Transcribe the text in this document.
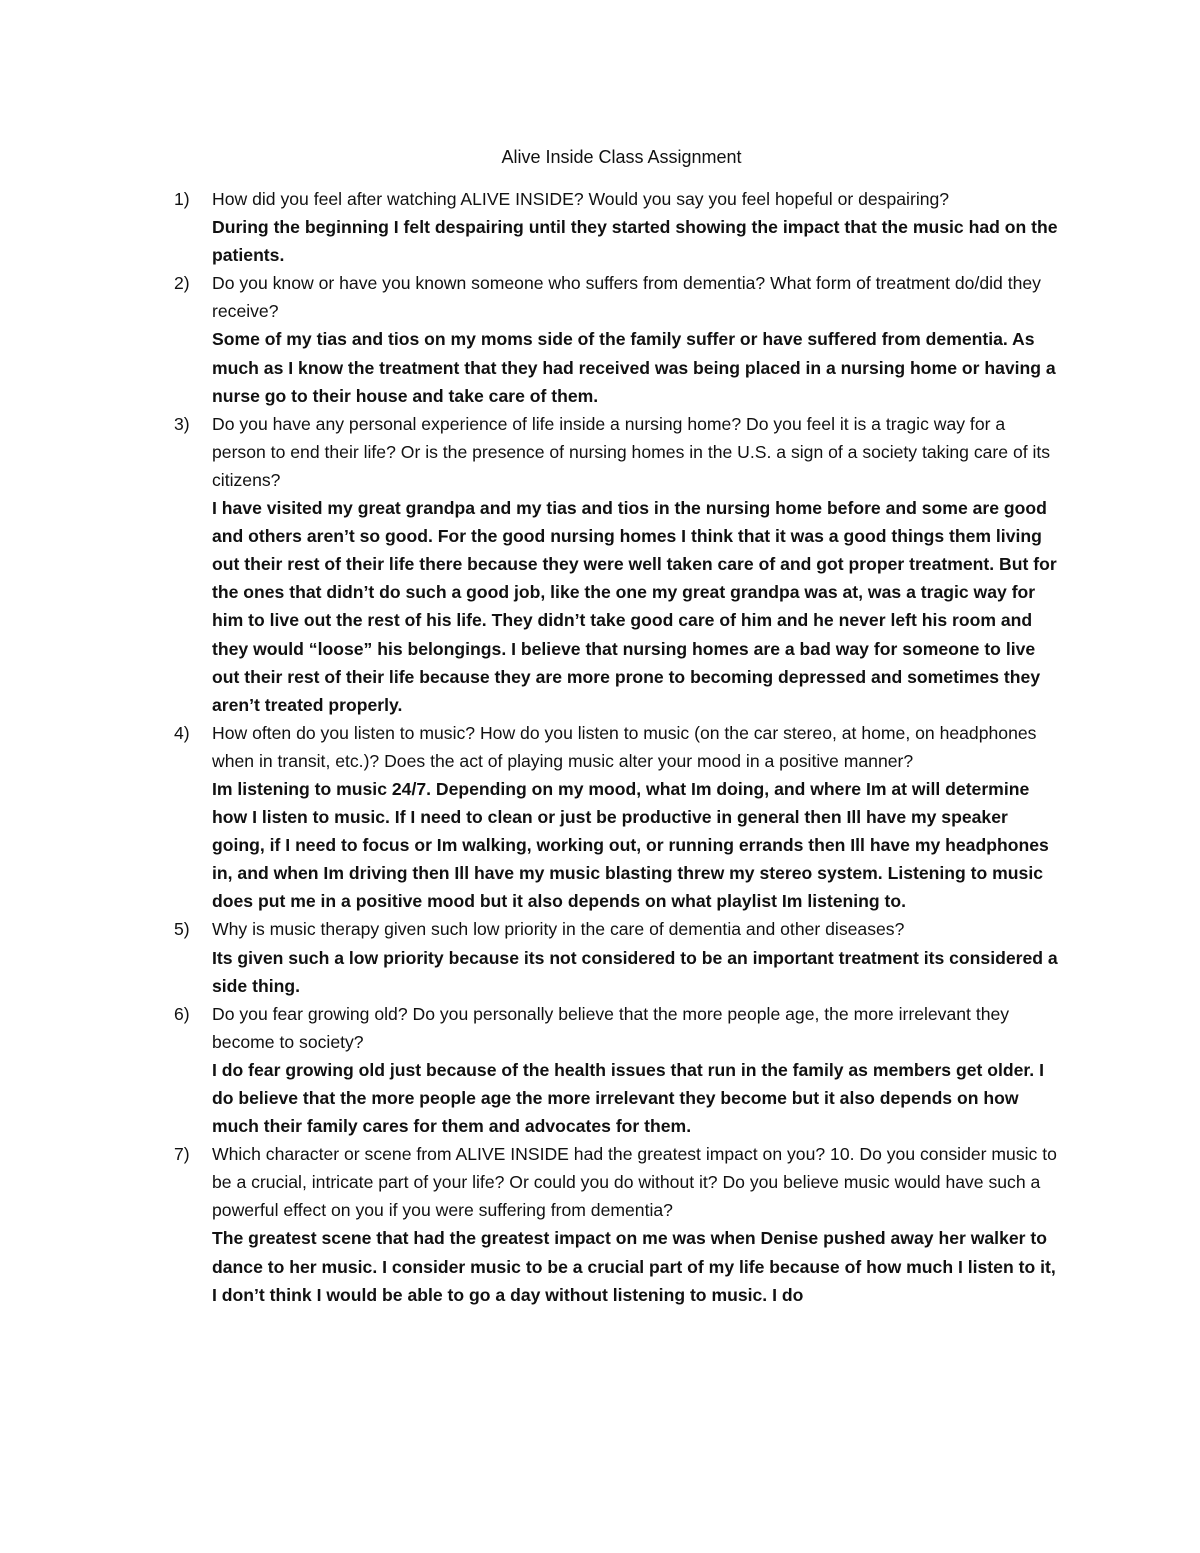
Alive Inside Class Assignment
1) How did you feel after watching ALIVE INSIDE? Would you say you feel hopeful or despairing?
During the beginning I felt despairing until they started showing the impact that the music had on the patients.
2) Do you know or have you known someone who suffers from dementia? What form of treatment do/did they receive?
Some of my tias and tios on my moms side of the family suffer or have suffered from dementia. As much as I know the treatment that they had received was being placed in a nursing home or having a nurse go to their house and take care of them.
3) Do you have any personal experience of life inside a nursing home? Do you feel it is a tragic way for a person to end their life? Or is the presence of nursing homes in the U.S. a sign of a society taking care of its citizens?
I have visited my great grandpa and my tias and tios in the nursing home before and some are good and others aren’t so good. For the good nursing homes I think that it was a good things them living out their rest of their life there because they were well taken care of and got proper treatment. But for the ones that didn’t do such a good job, like the one my great grandpa was at, was a tragic way for him to live out the rest of his life. They didn’t take good care of him and he never left his room and they would “loose” his belongings. I believe that nursing homes are a bad way for someone to live out their rest of their life because they are more prone to becoming depressed and sometimes they aren’t treated properly.
4) How often do you listen to music? How do you listen to music (on the car stereo, at home, on headphones when in transit, etc.)? Does the act of playing music alter your mood in a positive manner?
Im listening to music 24/7. Depending on my mood, what Im doing, and where Im at will determine how I listen to music. If I need to clean or just be productive in general then Ill have my speaker going, if I need to focus or Im walking, working out, or running errands then Ill have my headphones in, and when Im driving then Ill have my music blasting threw my stereo system. Listening to music does put me in a positive mood but it also depends on what playlist Im listening to.
5) Why is music therapy given such low priority in the care of dementia and other diseases?
Its given such a low priority because its not considered to be an important treatment its considered a side thing.
6) Do you fear growing old? Do you personally believe that the more people age, the more irrelevant they become to society?
I do fear growing old just because of the health issues that run in the family as members get older. I do believe that the more people age the more irrelevant they become but it also depends on how much their family cares for them and advocates for them.
7) Which character or scene from ALIVE INSIDE had the greatest impact on you? 10. Do you consider music to be a crucial, intricate part of your life? Or could you do without it? Do you believe music would have such a powerful effect on you if you were suffering from dementia?
The greatest scene that had the greatest impact on me was when Denise pushed away her walker to dance to her music. I consider music to be a crucial part of my life because of how much I listen to it, I don’t think I would be able to go a day without listening to music. I do
